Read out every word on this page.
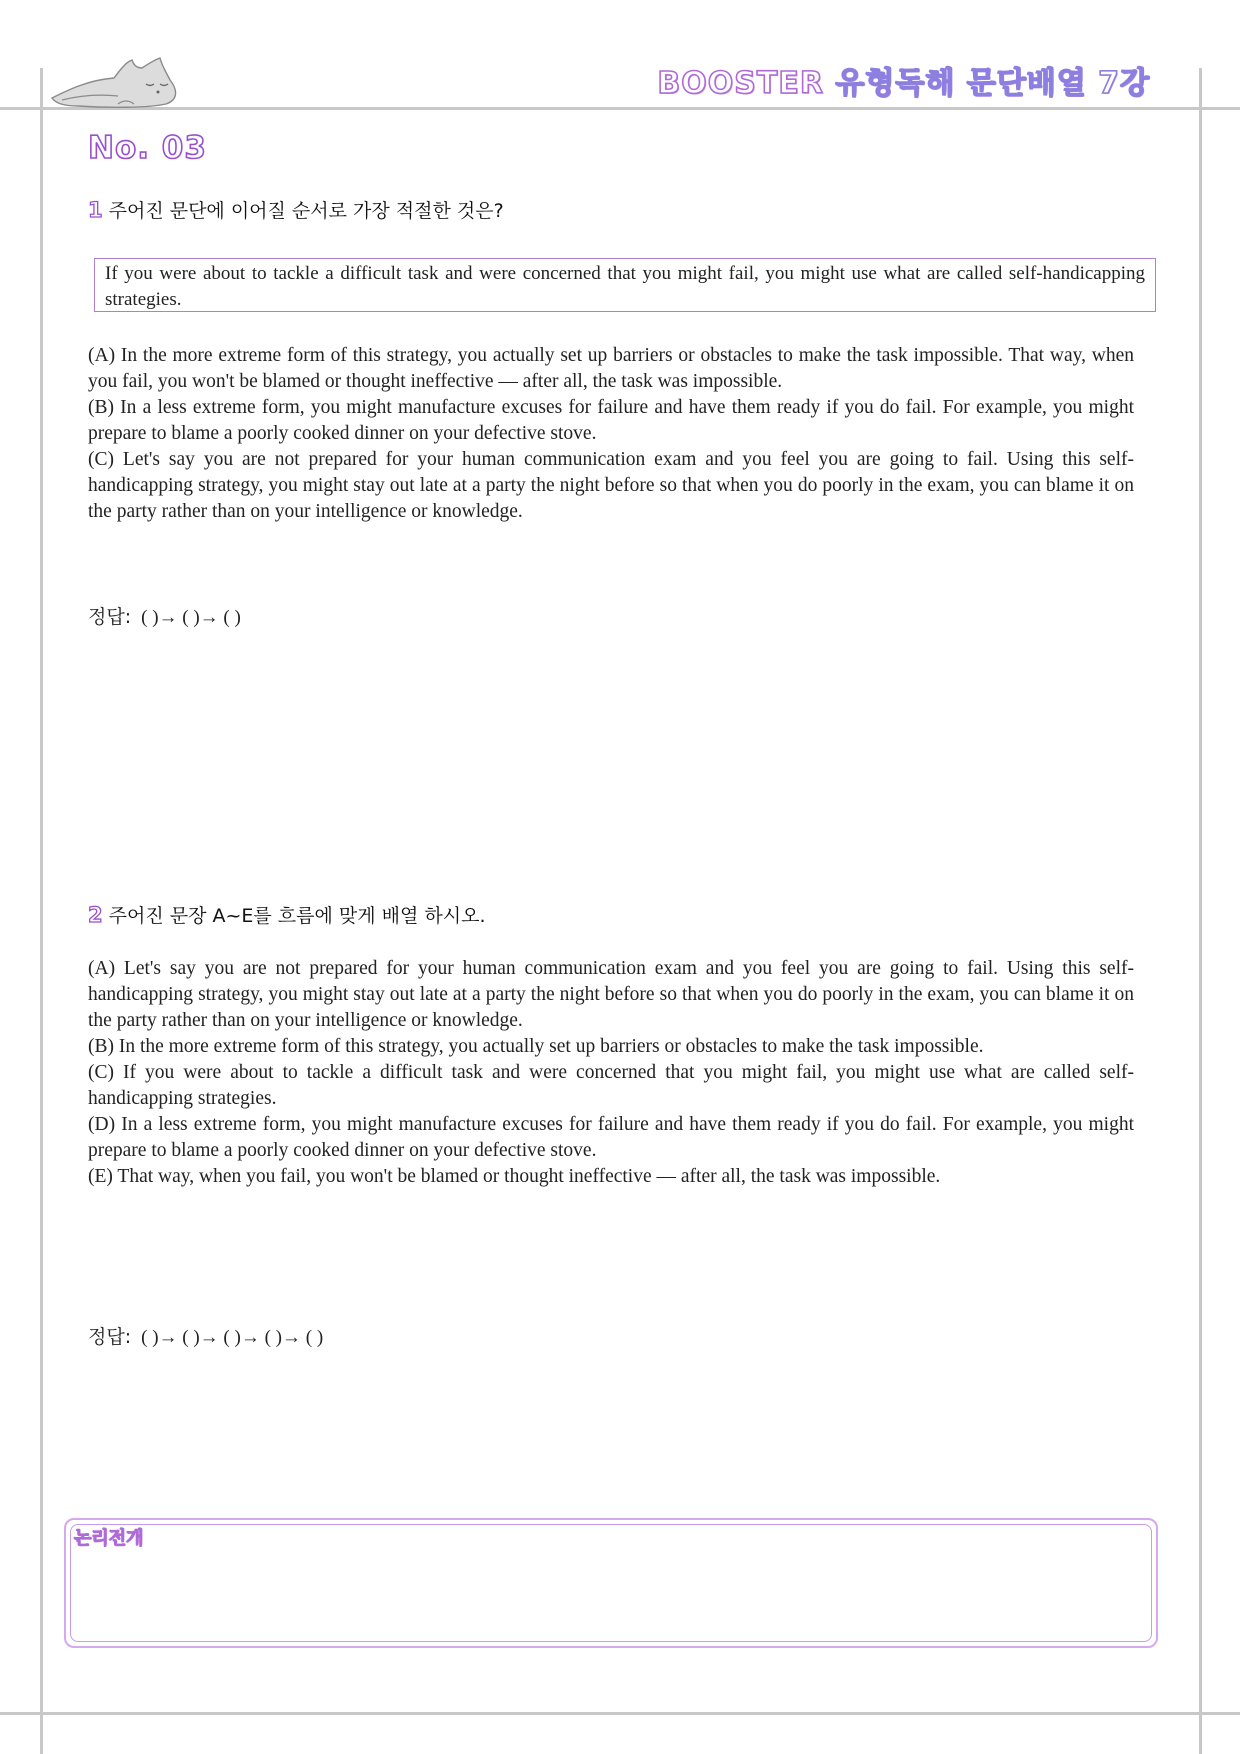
BOOSTER 유형독해 문단배열 7강
No. 03
1 주어진 문단에 이어질 순서로 가장 적절한 것은?
If you were about to tackle a difficult task and were concerned that you might fail, you might use what are called self-handicapping strategies.

(A) In the more extreme form of this strategy, you actually set up barriers or obstacles to make the task impossible. That way, when you fail, you won't be blamed or thought ineffective — after all, the task was impossible.

(B) In a less extreme form, you might manufacture excuses for failure and have them ready if you do fail. For example, you might prepare to blame a poorly cooked dinner on your defective stove.

(C) Let's say you are not prepared for your human communication exam and you feel you are going to fail. Using this self-handicapping strategy, you might stay out late at a party the night before so that when you do poorly in the exam, you can blame it on the party rather than on your intelligence or knowledge.

정답: ( )→ ( )→ ( )
2 주어진 문장 A~E를 흐름에 맞게 배열 하시오.

(A) Let's say you are not prepared for your human communication exam and you feel you are going to fail. Using this self-handicapping strategy, you might stay out late at a party the night before so that when you do poorly in the exam, you can blame it on the party rather than on your intelligence or knowledge.

(B) In the more extreme form of this strategy, you actually set up barriers or obstacles to make the task impossible.

(C) If you were about to tackle a difficult task and were concerned that you might fail, you might use what are called self-handicapping strategies.

(D) In a less extreme form, you might manufacture excuses for failure and have them ready if you do fail. For example, you might prepare to blame a poorly cooked dinner on your defective stove.

(E) That way, when you fail, you won't be blamed or thought ineffective — after all, the task was impossible.

정답: ( )→ ( )→ ( )→ ( )→ ( )
논리전개
